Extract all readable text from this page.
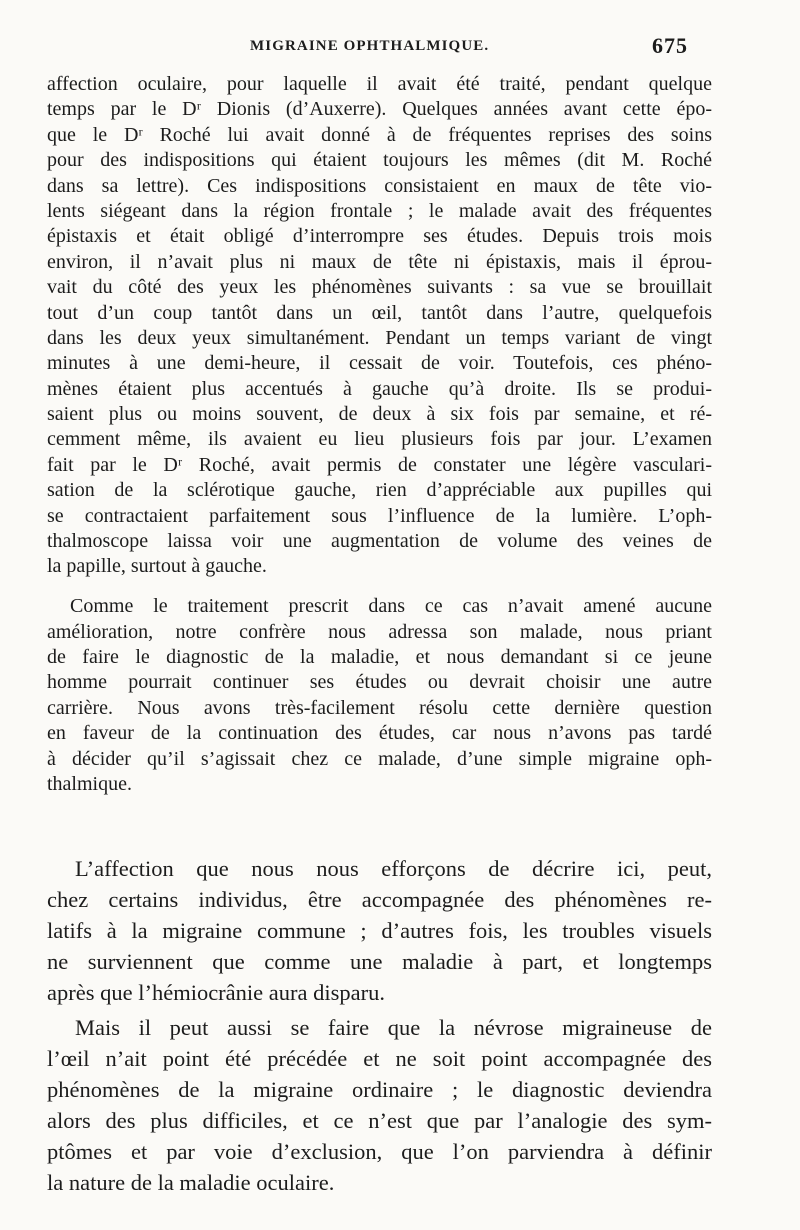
MIGRAINE OPHTHALMIQUE.	675
affection oculaire, pour laquelle il avait été traité, pendant quelque
temps par le Dʳ Dionis (d’Auxerre). Quelques années avant cette épo-
que le Dʳ Roché lui avait donné à de fréquentes reprises des soins
pour des indispositions qui étaient toujours les mêmes (dit M. Roché
dans sa lettre). Ces indispositions consistaient en maux de tête vio-
lents siégeant dans la région frontale ; le malade avait des fréquentes
épistaxis et était obligé d’interrompre ses études. Depuis trois mois
environ, il n’avait plus ni maux de tête ni épistaxis, mais il éprou-
vait du côté des yeux les phénomènes suivants : sa vue se brouillait
tout d’un coup tantôt dans un œil, tantôt dans l’autre, quelquefois
dans les deux yeux simultanément. Pendant un temps variant de vingt
minutes à une demi-heure, il cessait de voir. Toutefois, ces phéno-
mènes étaient plus accentués à gauche qu’à droite. Ils se produi-
saient plus ou moins souvent, de deux à six fois par semaine, et ré-
cemment même, ils avaient eu lieu plusieurs fois par jour. L’examen
fait par le Dʳ Roché, avait permis de constater une légère vasculari-
sation de la sclérotique gauche, rien d’appréciable aux pupilles qui
se contractaient parfaitement sous l’influence de la lumière. L’oph-
thalmoscope laissa voir une augmentation de volume des veines de
la papille, surtout à gauche.
Comme le traitement prescrit dans ce cas n’avait amené aucune
amélioration, notre confrère nous adressa son malade, nous priant
de faire le diagnostic de la maladie, et nous demandant si ce jeune
homme pourrait continuer ses études ou devrait choisir une autre
carrière. Nous avons très-facilement résolu cette dernière question
en faveur de la continuation des études, car nous n’avons pas tardé
à décider qu’il s’agissait chez ce malade, d’une simple migraine oph-
thalmique.
L’affection que nous nous efforçons de décrire ici, peut,
chez certains individus, être accompagnée des phénomènes re-
latifs à la migraine commune ; d’autres fois, les troubles visuels
ne surviennent que comme une maladie à part, et longtemps
après que l’hémiocrânie aura disparu.
Mais il peut aussi se faire que la névrose migraineuse de
l’œil n’ait point été précédée et ne soit point accompagnée des
phénomènes de la migraine ordinaire ; le diagnostic deviendra
alors des plus difficiles, et ce n’est que par l’analogie des sym-
ptômes et par voie d’exclusion, que l’on parviendra à définir
la nature de la maladie oculaire.
